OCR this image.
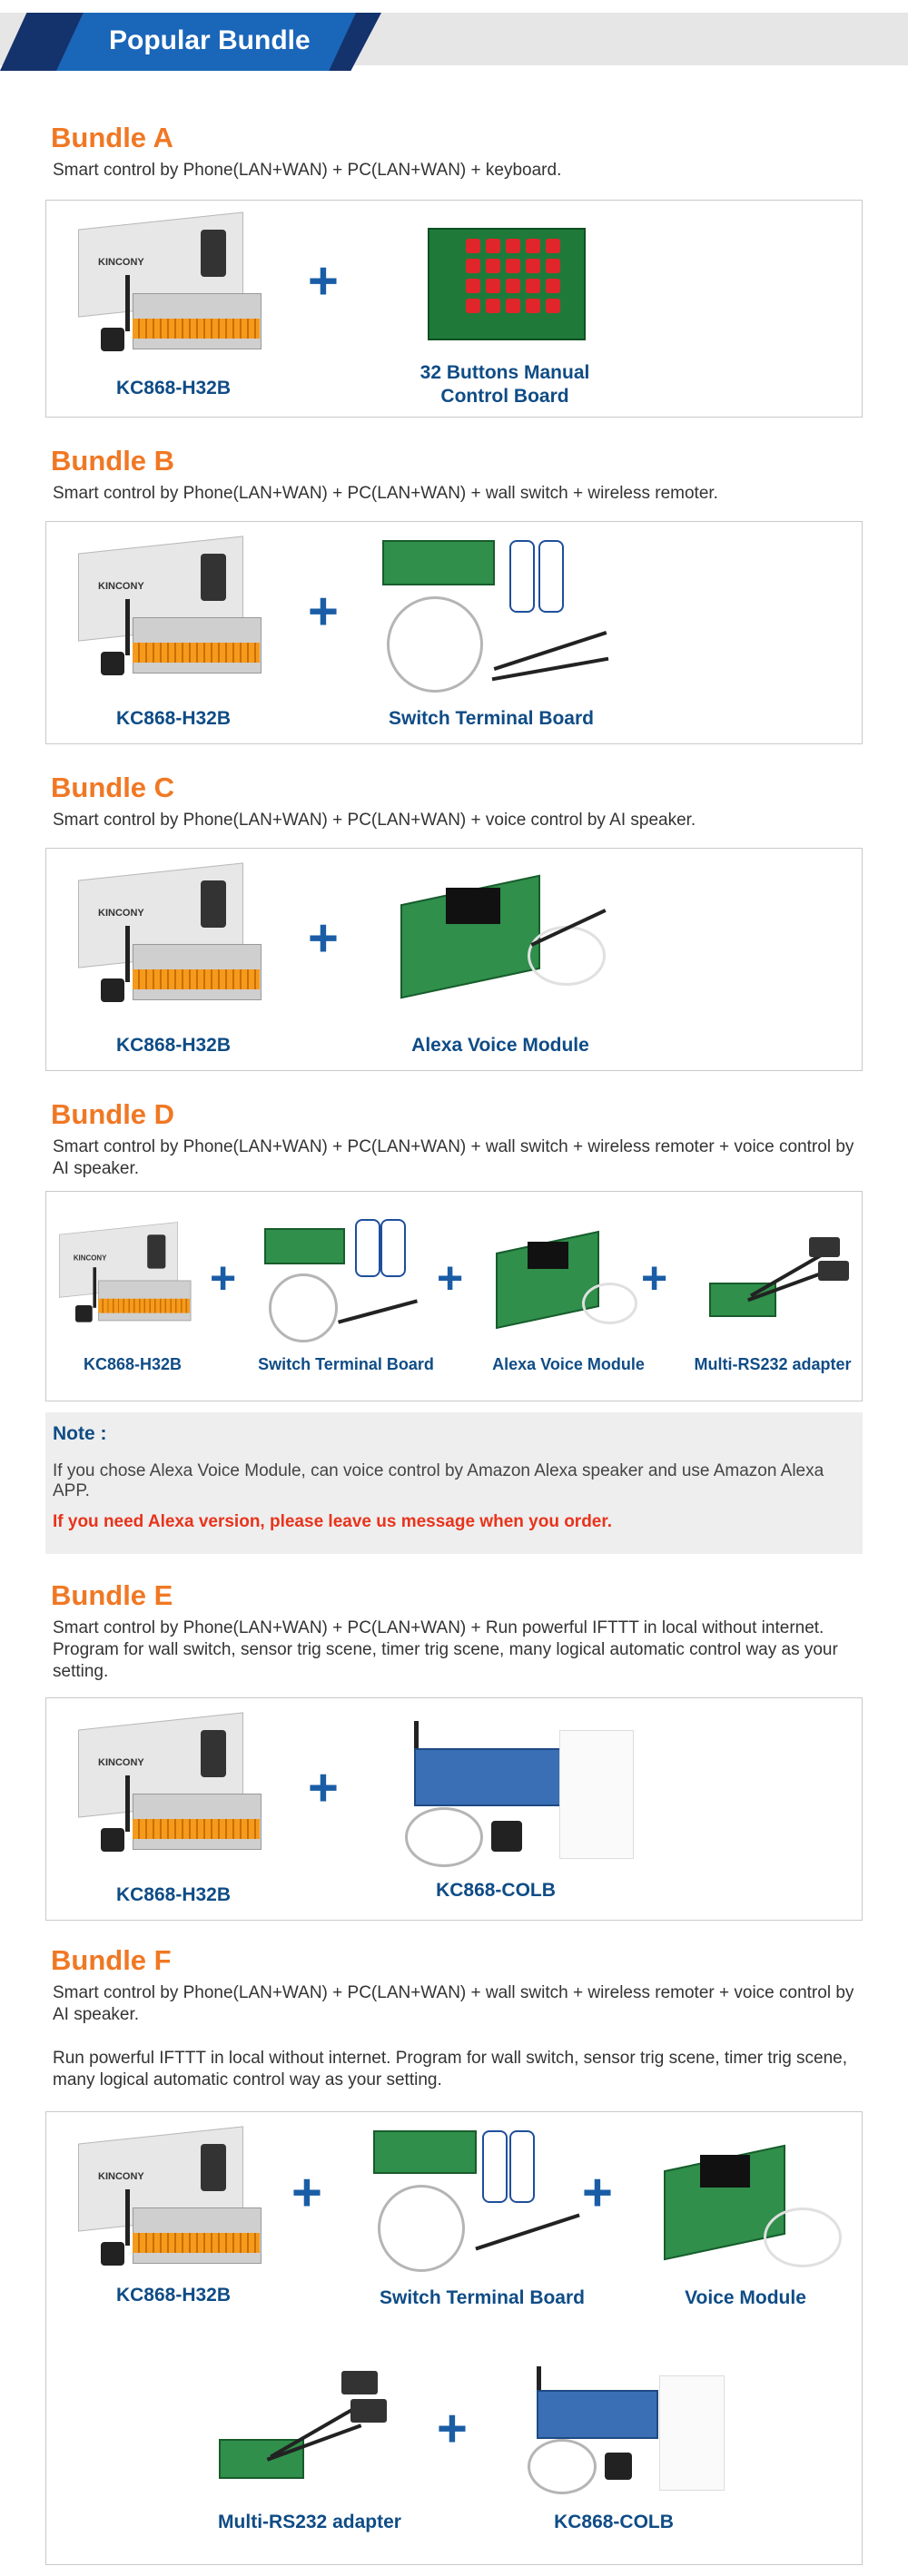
Popular Bundle
Bundle A
Smart control by Phone(LAN+WAN) + PC(LAN+WAN) + keyboard.
KINCONY
KC868-H32B
+
32 Buttons Manual
Control Board
Bundle B
Smart control by Phone(LAN+WAN) + PC(LAN+WAN) + wall switch + wireless remoter.
KINCONY
KC868-H32B
+
Switch Terminal Board
Bundle C
Smart control by Phone(LAN+WAN) + PC(LAN+WAN) + voice control by AI speaker.
KINCONY
KC868-H32B
+
Alexa Voice Module
Bundle D
Smart control by Phone(LAN+WAN) + PC(LAN+WAN) + wall switch + wireless remoter + voice control by AI speaker.
KINCONY
KC868-H32B
+
Switch Terminal Board
+
Alexa Voice Module
+
Multi-RS232 adapter
Note :
If you chose Alexa Voice Module, can voice control by Amazon Alexa speaker and use Amazon Alexa APP.
If you need Alexa version, please leave us message when you order.
Bundle E
Smart control by Phone(LAN+WAN) + PC(LAN+WAN) + Run powerful IFTTT in local without internet. Program for wall switch, sensor trig scene, timer trig scene, many logical automatic control way as your setting.
KINCONY
KC868-H32B
+
KC868-COLB
Bundle F
Smart control by Phone(LAN+WAN) + PC(LAN+WAN) + wall switch + wireless remoter + voice control by AI speaker.
Run powerful IFTTT in local without internet. Program for wall switch, sensor trig scene, timer trig scene, many logical automatic control way as your setting.
KINCONY
KC868-H32B
+
Switch Terminal Board
+
Voice Module
Multi-RS232 adapter
+
KC868-COLB
